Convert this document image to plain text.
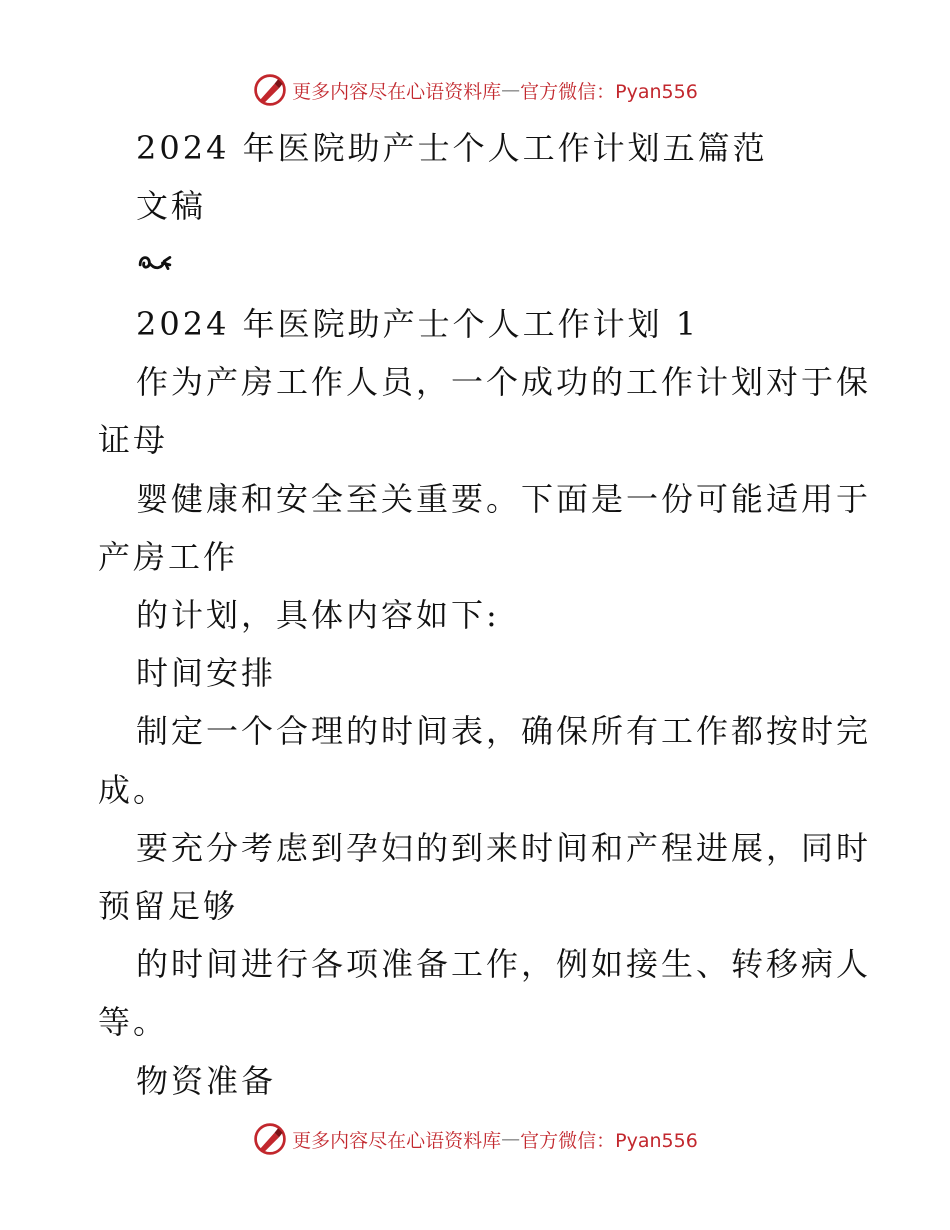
更多内容尽在心语资料库 — 官方微信：Pyan556
2024 年医院助产士个人工作计划五篇范
文稿
2024 年医院助产士个人工作计划 1
作为产房工作人员，一个成功的工作计划对于保
证母
婴健康和安全至关重要。下面是一份可能适用于
产房工作
的计划，具体内容如下:
时间安排
制定一个合理的时间表，确保所有工作都按时完
成。
要充分考虑到孕妇的到来时间和产程进展，同时
预留足够
的时间进行各项准备工作，例如接生、转移病人
等。
物资准备
更多内容尽在心语资料库 — 官方微信：Pyan556
